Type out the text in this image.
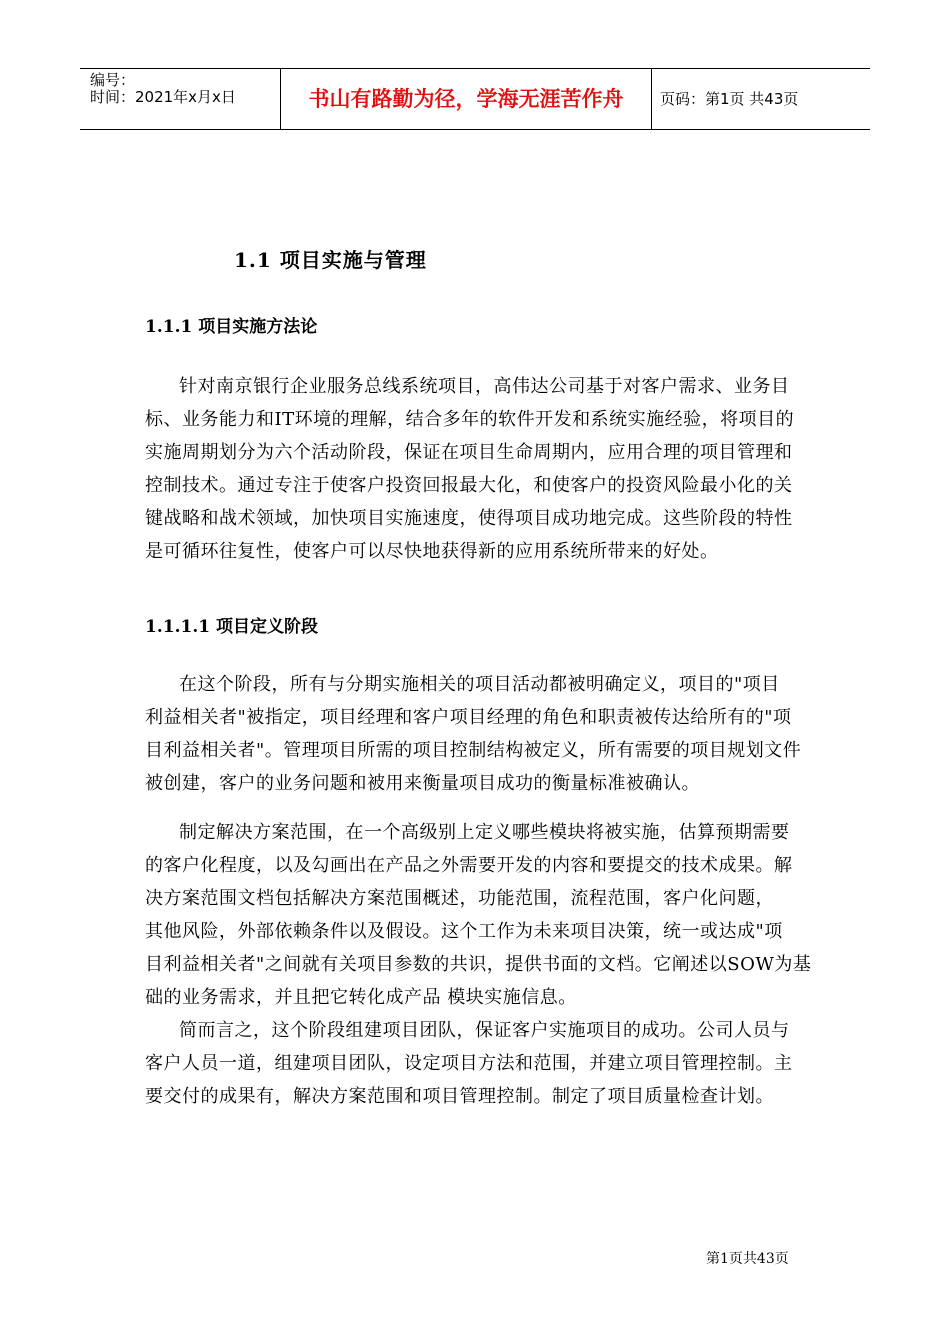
编号：
时间：2021年x月x日	书山有路勤为径，学海无涯苦作舟	页码：第1页 共43页
1.1 项目实施与管理
1.1.1 项目实施方法论
针对南京银行企业服务总线系统项目，高伟达公司基于对客户需求、业务目
标、业务能力和IT环境的理解，结合多年的软件开发和系统实施经验，将项目的
实施周期划分为六个活动阶段，保证在项目生命周期内，应用合理的项目管理和
控制技术。通过专注于使客户投资回报最大化，和使客户的投资风险最小化的关
键战略和战术领域，加快项目实施速度，使得项目成功地完成。这些阶段的特性
是可循环往复性，使客户可以尽快地获得新的应用系统所带来的好处。
1.1.1.1 项目定义阶段
在这个阶段，所有与分期实施相关的项目活动都被明确定义，项目的"项目
利益相关者"被指定，项目经理和客户项目经理的角色和职责被传达给所有的"项
目利益相关者"。管理项目所需的项目控制结构被定义，所有需要的项目规划文件
被创建，客户的业务问题和被用来衡量项目成功的衡量标准被确认。
制定解决方案范围，在一个高级别上定义哪些模块将被实施，估算预期需要
的客户化程度，以及勾画出在产品之外需要开发的内容和要提交的技术成果。解
决方案范围文档包括解决方案范围概述，功能范围，流程范围，客户化问题，
其他风险，外部依赖条件以及假设。这个工作为未来项目决策，统一或达成"项
目利益相关者"之间就有关项目参数的共识，提供书面的文档。它阐述以SOW为基
础的业务需求，并且把它转化成产品 模块实施信息。
简而言之，这个阶段组建项目团队，保证客户实施项目的成功。公司人员与
客户人员一道，组建项目团队，设定项目方法和范围，并建立项目管理控制。主
要交付的成果有，解决方案范围和项目管理控制。制定了项目质量检查计划。
第1页共43页
